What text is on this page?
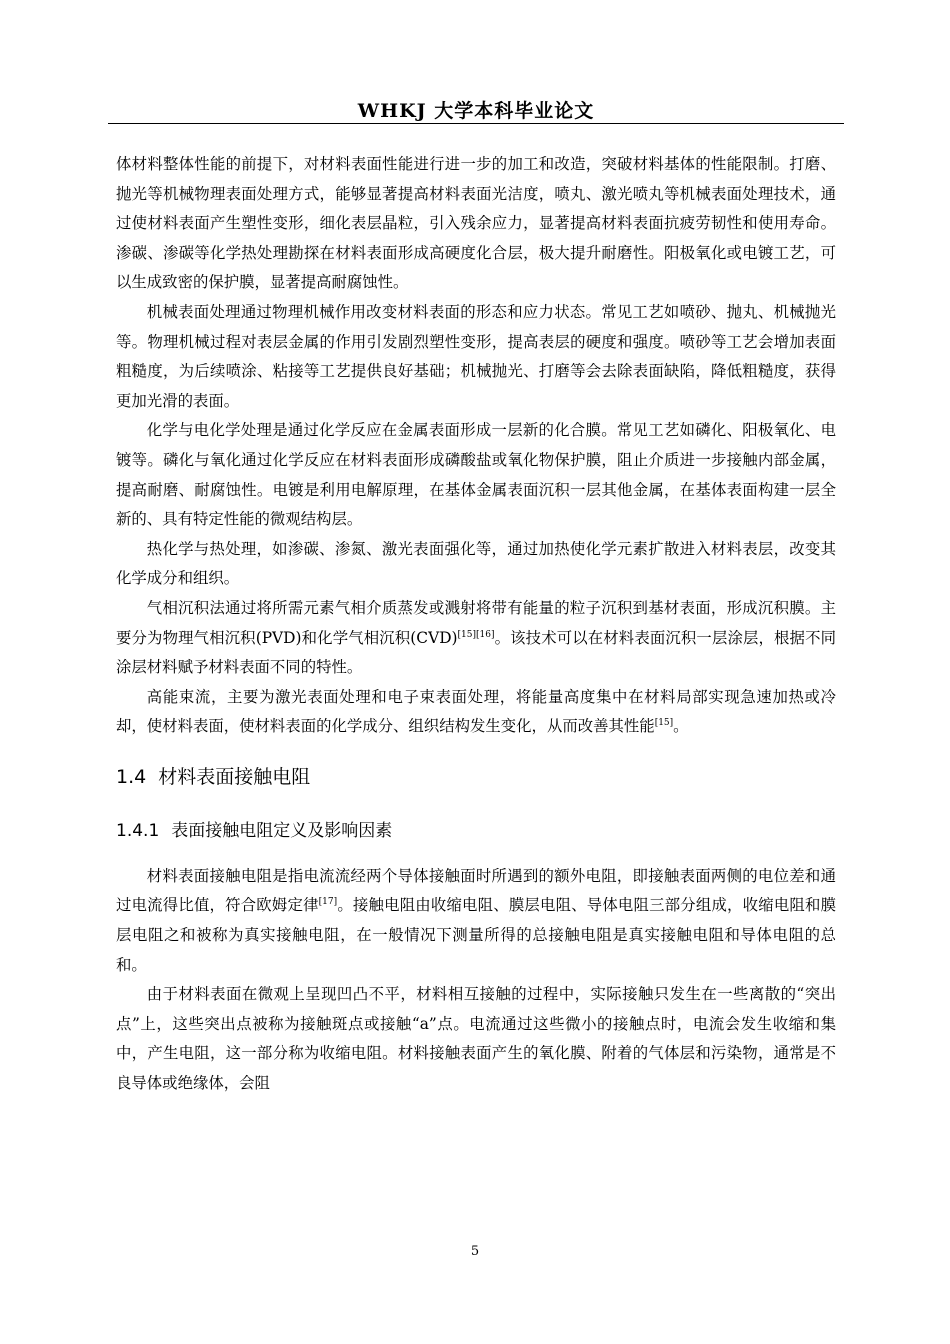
WHKJ 大学本科毕业论文

体材料整体性能的前提下，对材料表面性能进行进一步的加工和改造，突破材料基体的性能限制。打磨、抛光等机械物理表面处理方式，能够显著提高材料表面光洁度，喷丸、激光喷丸等机械表面处理技术，通过使材料表面产生塑性变形，细化表层晶粒，引入残余应力，显著提高材料表面抗疲劳韧性和使用寿命。渗碳、渗碳等化学热处理勘探在材料表面形成高硬度化合层，极大提升耐磨性。阳极氧化或电镀工艺，可以生成致密的保护膜，显著提高耐腐蚀性。

机械表面处理通过物理机械作用改变材料表面的形态和应力状态。常见工艺如喷砂、抛丸、机械抛光等。物理机械过程对表层金属的作用引发剧烈塑性变形，提高表层的硬度和强度。喷砂等工艺会增加表面粗糙度，为后续喷涂、粘接等工艺提供良好基础；机械抛光、打磨等会去除表面缺陷，降低粗糙度，获得更加光滑的表面。

化学与电化学处理是通过化学反应在金属表面形成一层新的化合膜。常见工艺如磷化、阳极氧化、电镀等。磷化与氧化通过化学反应在材料表面形成磷酸盐或氧化物保护膜，阻止介质进一步接触内部金属，提高耐磨、耐腐蚀性。电镀是利用电解原理，在基体金属表面沉积一层其他金属，在基体表面构建一层全新的、具有特定性能的微观结构层。

热化学与热处理，如渗碳、渗氮、激光表面强化等，通过加热使化学元素扩散进入材料表层，改变其化学成分和组织。

气相沉积法通过将所需元素气相介质蒸发或溅射将带有能量的粒子沉积到基材表面，形成沉积膜。主要分为物理气相沉积(PVD)和化学气相沉积(CVD)[15][16]。该技术可以在材料表面沉积一层涂层，根据不同涂层材料赋予材料表面不同的特性。

高能束流，主要为激光表面处理和电子束表面处理，将能量高度集中在材料局部实现急速加热或冷却，使材料表面，使材料表面的化学成分、组织结构发生变化，从而改善其性能[15]。

1.4 材料表面接触电阻
1.4.1 表面接触电阻定义及影响因素

材料表面接触电阻是指电流流经两个导体接触面时所遇到的额外电阻，即接触表面两侧的电位差和通过电流得比值，符合欧姆定律[17]。接触电阻由收缩电阻、膜层电阻、导体电阻三部分组成，收缩电阻和膜层电阻之和被称为真实接触电阻，在一般情况下测量所得的总接触电阻是真实接触电阻和导体电阻的总和。

由于材料表面在微观上呈现凹凸不平，材料相互接触的过程中，实际接触只发生在一些离散的“突出点”上，这些突出点被称为接触斑点或接触“a”点。电流通过这些微小的接触点时，电流会发生收缩和集中，产生电阻，这一部分称为收缩电阻。材料接触表面产生的氧化膜、附着的气体层和污染物，通常是不良导体或绝缘体，会阻

5
